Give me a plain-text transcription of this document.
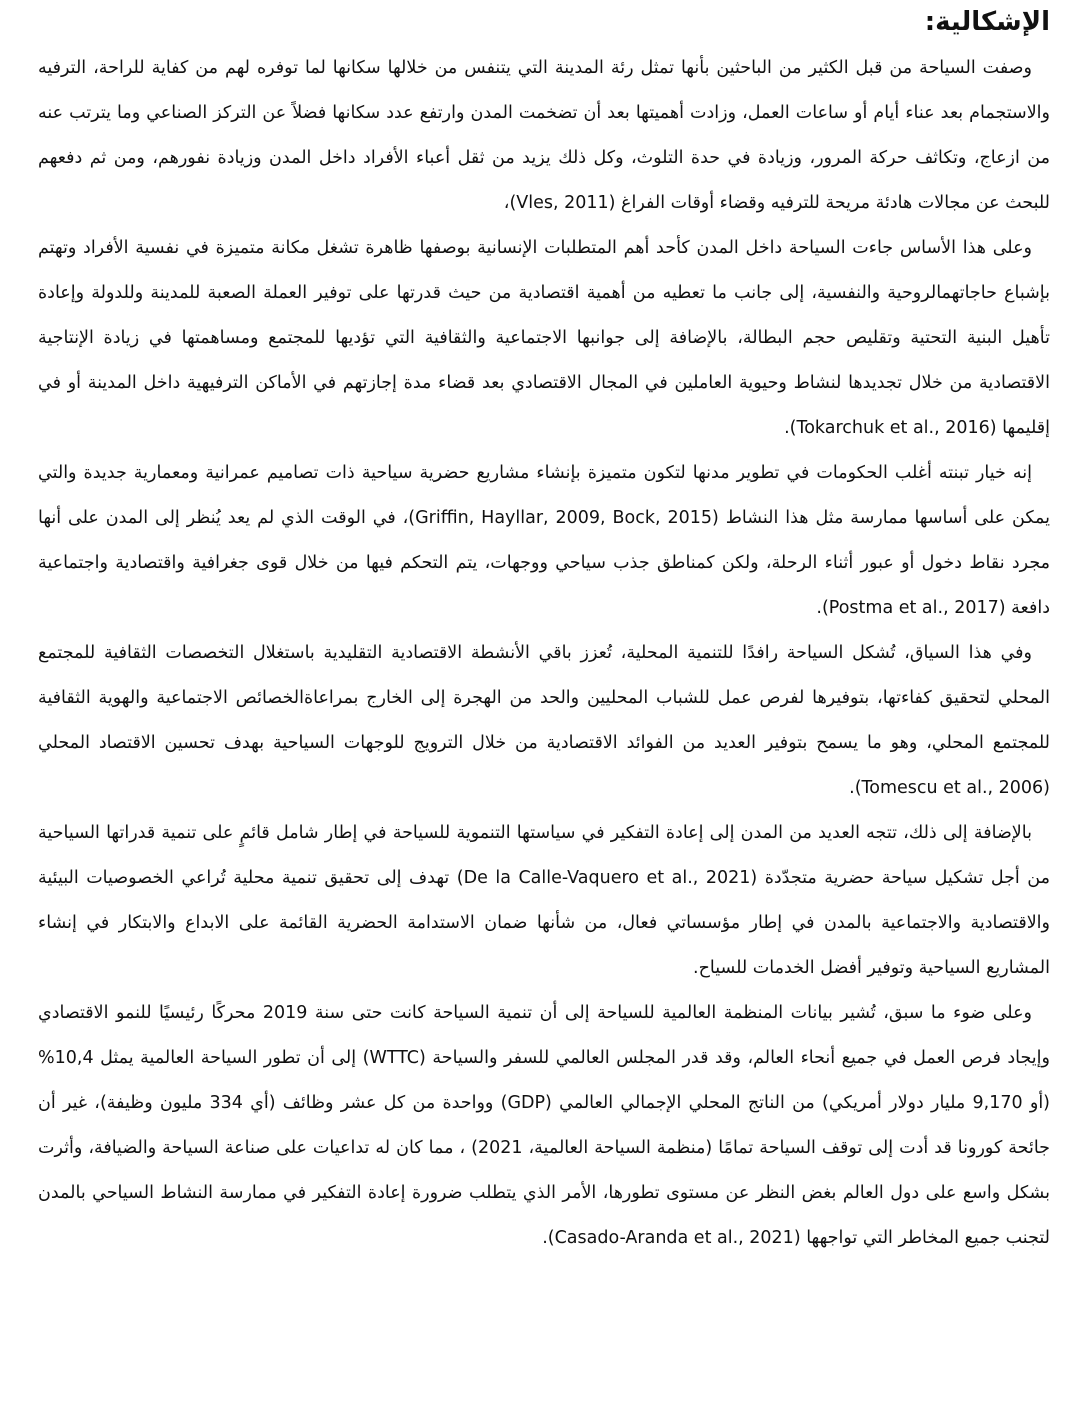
الإشكالية:

وصفت السياحة من قبل الكثير من الباحثين بأنها تمثل رئة المدينة التي يتنفس من خلالها سكانها لما توفره لهم من كفاية للراحة، الترفيه والاستجمام بعد عناء أيام أو ساعات العمل، وزادت أهميتها بعد أن تضخمت المدن وارتفع عدد سكانها فضلاً عن التركز الصناعي وما يترتب عنه من ازعاج، وتكاثف حركة المرور، وزيادة في حدة التلوث، وكل ذلك يزيد من ثقل أعباء الأفراد داخل المدن وزيادة نفورهم، ومن ثم دفعهم للبحث عن مجالات هادئة مريحة للترفيه وقضاء أوقات الفراغ (Vles, 2011)،

وعلى هذا الأساس جاءت السياحة داخل المدن كأحد أهم المتطلبات الإنسانية بوصفها ظاهرة تشغل مكانة متميزة في نفسية الأفراد وتهتم بإشباع حاجاتهمالروحية والنفسية، إلى جانب ما تعطيه من أهمية اقتصادية من حيث قدرتها على توفير العملة الصعبة للمدينة وللدولة وإعادة تأهيل البنية التحتية وتقليص حجم البطالة، بالإضافة إلى جوانبها الاجتماعية والثقافية التي تؤديها للمجتمع ومساهمتها في زيادة الإنتاجية الاقتصادية من خلال تجديدها لنشاط وحيوية العاملين في المجال الاقتصادي بعد قضاء مدة إجازتهم في الأماكن الترفيهية داخل المدينة أو في إقليمها (Tokarchuk et al., 2016).

إنه خيار تبنته أغلب الحكومات في تطوير مدنها لتكون متميزة بإنشاء مشاريع حضرية سياحية ذات تصاميم عمرانية ومعمارية جديدة والتي يمكن على أساسها ممارسة مثل هذا النشاط (Griffin, Hayllar, 2009, Bock, 2015)، في الوقت الذي لم يعد يُنظر إلى المدن على أنها مجرد نقاط دخول أو عبور أثناء الرحلة، ولكن كمناطق جذب سياحي ووجهات، يتم التحكم فيها من خلال قوى جغرافية واقتصادية واجتماعية دافعة (Postma et al., 2017).

وفي هذا السياق، تُشكل السياحة رافدًا للتنمية المحلية، تُعزز باقي الأنشطة الاقتصادية التقليدية باستغلال التخصصات الثقافية للمجتمع المحلي لتحقيق كفاءتها، بتوفيرها لفرص عمل للشباب المحليين والحد من الهجرة إلى الخارج بمراعاةالخصائص الاجتماعية والهوية الثقافية للمجتمع المحلي، وهو ما يسمح بتوفير العديد من الفوائد الاقتصادية من خلال الترويج للوجهات السياحية بهدف تحسين الاقتصاد المحلي (Tomescu et al., 2006).

بالإضافة إلى ذلك، تتجه العديد من المدن إلى إعادة التفكير في سياستها التنموية للسياحة في إطار شامل قائمٍ على تنمية قدراتها السياحية من أجل تشكيل سياحة حضرية متجدّدة (De la Calle-Vaquero et al., 2021) تهدف إلى تحقيق تنمية محلية تُراعي الخصوصيات البيئية والاقتصادية والاجتماعية بالمدن في إطار مؤسساتي فعال، من شأنها ضمان الاستدامة الحضرية القائمة على الابداع والابتكار في إنشاء المشاريع السياحية وتوفير أفضل الخدمات للسياح.

وعلى ضوء ما سبق، تُشير بيانات المنظمة العالمية للسياحة إلى أن تنمية السياحة كانت حتى سنة 2019 محركًا رئيسيًا للنمو الاقتصادي وإيجاد فرص العمل في جميع أنحاء العالم، وقد قدر المجلس العالمي للسفر والسياحة (WTTC) إلى أن تطور السياحة العالمية يمثل 10,4% (أو 9,170 مليار دولار أمريكي) من الناتج المحلي الإجمالي العالمي (GDP) وواحدة من كل عشر وظائف (أي 334 مليون وظيفة)، غير أن جائحة كورونا قد أدت إلى توقف السياحة تمامًا (منظمة السياحة العالمية، 2021) ، مما كان له تداعيات على صناعة السياحة والضيافة، وأثرت بشكل واسع على دول العالم بغض النظر عن مستوى تطورها، الأمر الذي يتطلب ضرورة إعادة التفكير في ممارسة النشاط السياحي بالمدن لتجنب جميع المخاطر التي تواجهها (Casado-Aranda et al., 2021).
